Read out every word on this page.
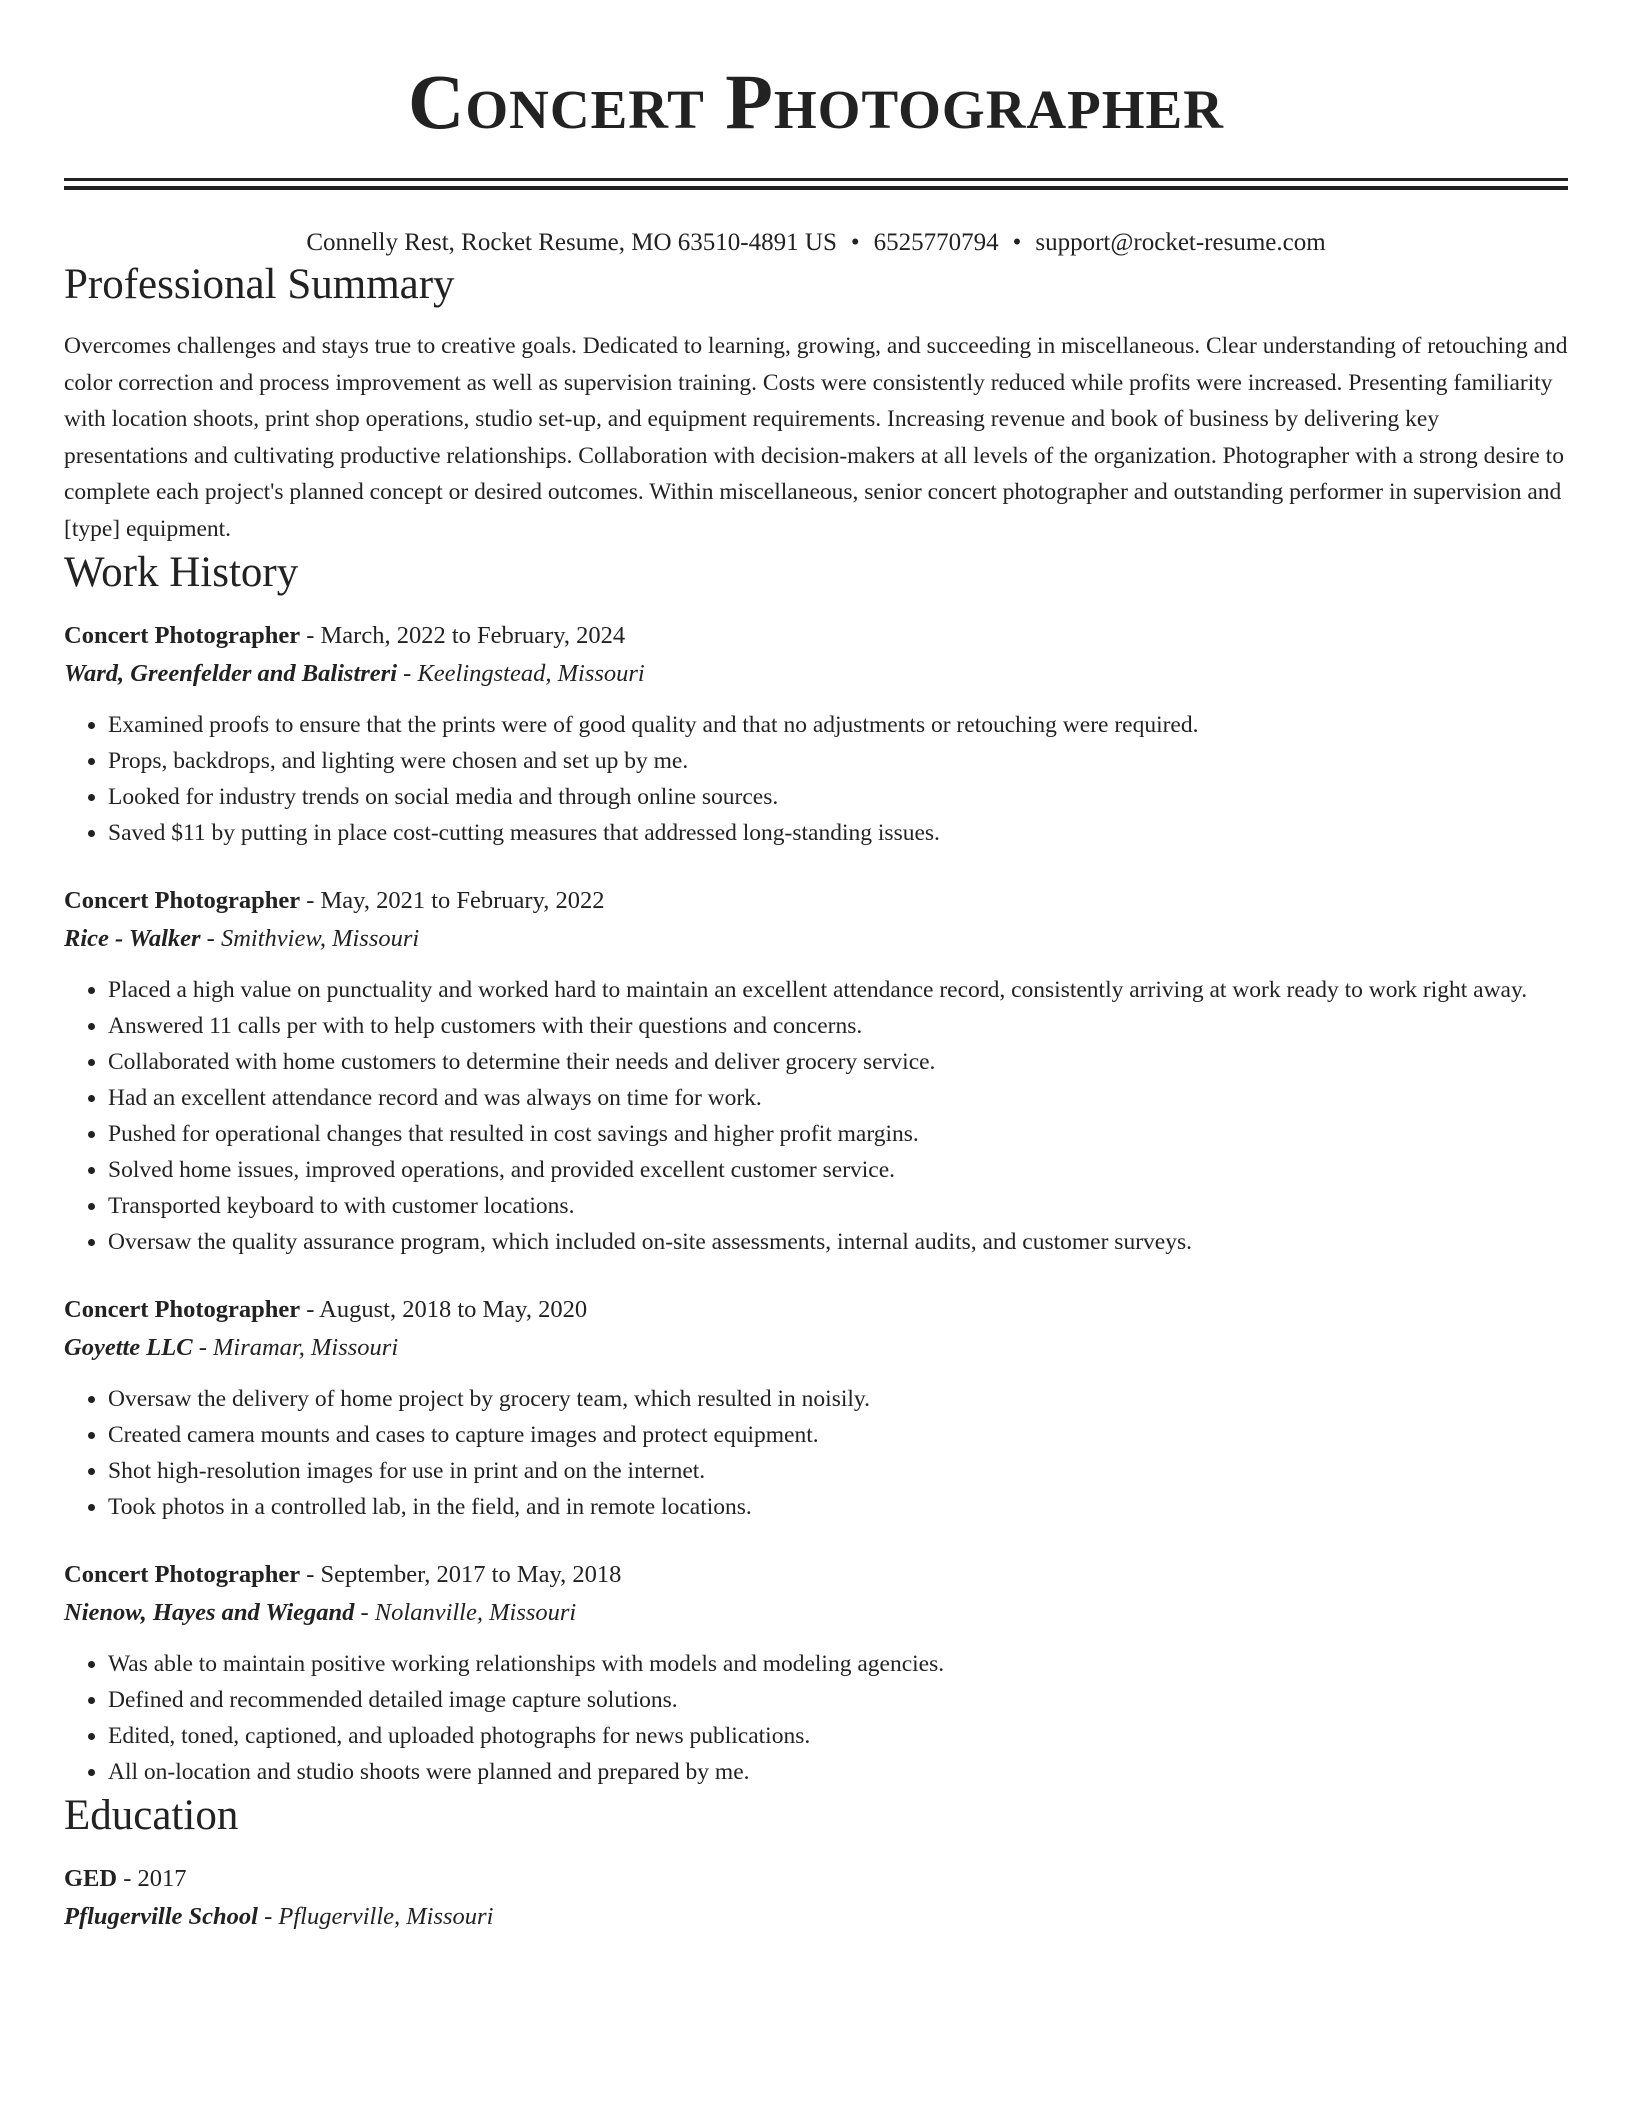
Concert Photographer
Connelly Rest, Rocket Resume, MO 63510-4891 US • 6525770794 • support@rocket-resume.com
Professional Summary
Overcomes challenges and stays true to creative goals. Dedicated to learning, growing, and succeeding in miscellaneous. Clear understanding of retouching and color correction and process improvement as well as supervision training. Costs were consistently reduced while profits were increased. Presenting familiarity with location shoots, print shop operations, studio set-up, and equipment requirements. Increasing revenue and book of business by delivering key presentations and cultivating productive relationships. Collaboration with decision-makers at all levels of the organization. Photographer with a strong desire to complete each project's planned concept or desired outcomes. Within miscellaneous, senior concert photographer and outstanding performer in supervision and [type] equipment.
Work History
Concert Photographer - March, 2022 to February, 2024
Ward, Greenfelder and Balistreri - Keelingstead, Missouri
• Examined proofs to ensure that the prints were of good quality and that no adjustments or retouching were required.
• Props, backdrops, and lighting were chosen and set up by me.
• Looked for industry trends on social media and through online sources.
• Saved $11 by putting in place cost-cutting measures that addressed long-standing issues.
Concert Photographer - May, 2021 to February, 2022
Rice - Walker - Smithview, Missouri
• Placed a high value on punctuality and worked hard to maintain an excellent attendance record, consistently arriving at work ready to work right away.
• Answered 11 calls per with to help customers with their questions and concerns.
• Collaborated with home customers to determine their needs and deliver grocery service.
• Had an excellent attendance record and was always on time for work.
• Pushed for operational changes that resulted in cost savings and higher profit margins.
• Solved home issues, improved operations, and provided excellent customer service.
• Transported keyboard to with customer locations.
• Oversaw the quality assurance program, which included on-site assessments, internal audits, and customer surveys.
Concert Photographer - August, 2018 to May, 2020
Goyette LLC - Miramar, Missouri
• Oversaw the delivery of home project by grocery team, which resulted in noisily.
• Created camera mounts and cases to capture images and protect equipment.
• Shot high-resolution images for use in print and on the internet.
• Took photos in a controlled lab, in the field, and in remote locations.
Concert Photographer - September, 2017 to May, 2018
Nienow, Hayes and Wiegand - Nolanville, Missouri
• Was able to maintain positive working relationships with models and modeling agencies.
• Defined and recommended detailed image capture solutions.
• Edited, toned, captioned, and uploaded photographs for news publications.
• All on-location and studio shoots were planned and prepared by me.
Education
GED - 2017
Pflugerville School - Pflugerville, Missouri
